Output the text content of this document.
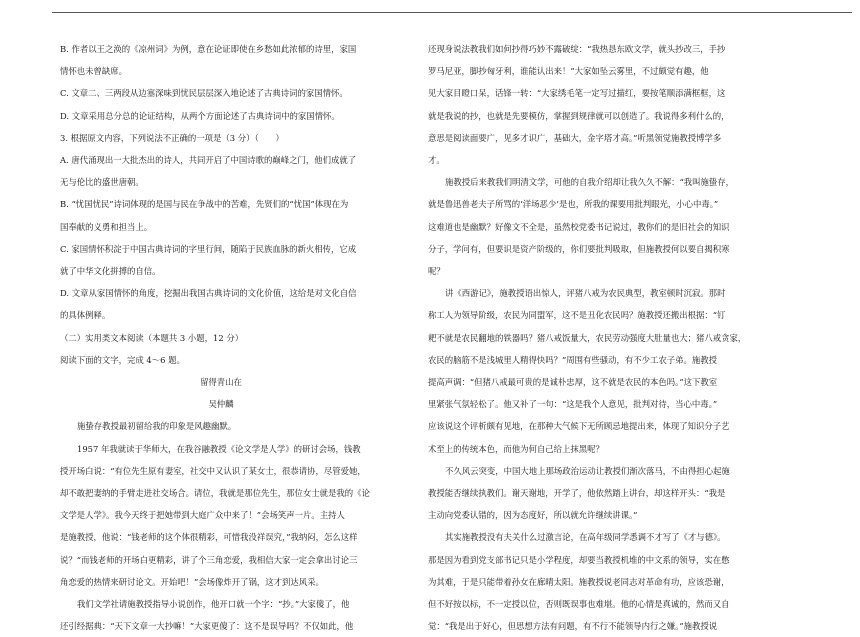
B. 作者以王之涣的《凉州词》为例，意在论证即使在乡愁如此浓郁的诗里，家国

情怀也未曾缺席。

C. 文章二、三两段从边塞深味到忧民层层深入地论述了古典诗词的家国情怀。

D. 文章采用总分总的论证结构，从两个方面论述了古典诗词中的家国情怀。

3. 根据原文内容，下列说法不正确的一项是（3 分）（　　）

A. 唐代涌现出一大批杰出的诗人，共同开启了中国诗歌的巅峰之门，他们成就了

无与伦比的盛世唐朝。

B. “忧国忧民”诗词体现的是国与民在争战中的苦难，先贤们的“忧国”体现在为

国奉献的义勇和担当上。

C. 家国情怀积淀于中国古典诗词的字里行间，随陷于民族血脉的新火相传，它成

就了中华文化拼搏的自信。

D. 文章从家国情怀的角度，挖掘出我国古典诗词的文化价值，这给是对文化自信

的具体例释。

（二）实用类文本阅读（本题共 3 小题，12 分）

阅读下面的文字，完成 4～6 题。

留得青山在

吴仲麟

施蛰存教授最初留给我的印象是风趣幽默。

1957 年我就读于华师大，在我谷融教授《论文学是人学》的研讨会场，钱教

授开场白说：“有位先生原有妻室，社交中又认识了某女士，很恭请协，尽管爱她，

却不敢把妻纳的手臂走进社交场合。请位，我就是那位先生，那位女士就是我的《论

文学是人学》。我今天终于把她带到大庭广众中来了！”会场笑声一片。主持人

是施教授，他说：“钱老师的这个体很精彩，可惜我没祥误究，”我纳闷，怎么这样

说？“而钱老师的开场白更精彩，讲了个三角恋爱，我相信大家一定会拿出讨论三

角恋爱的热情来研讨论文。开始吧！”会场像炸开了锅，这才到达风采。

我们文学社请施教授指导小说创作，他开口就一个字：“抄。”大家傻了，他

还引经据典：“天下文章一大抄嘛！”大家更傻了：这不是误导吗？不仅如此，他

还现身说法教我们如何抄得巧妙不露破绽：“我热恳东欧文学，就头抄改三，手抄

罗马尼亚，脚抄匈牙利，谁能认出来！”大家如坠云雾里，不过颇觉有趣，他

见大家目瞪口呆，话锋一转：“大家绣毛笔一定写过描红，要按笔顺添满框框，这

就是我说的抄，也就是先要模仿，掌握到规律就可以创造了。我说得多利什么的，

意思是阅读面要广，见多才识广，基础大，金字塔才高。”听黑领觉施教授博学多

才。

施教授后来教我们明清文学，可他的自我介绍却让我久久不解：“我叫施蛰存，

就是鲁迅兽老夫子所骂的‘洋场恶少’是也，所我的课要用批判眼光，小心中毒。”

这难道也是幽默？好像文不全是，虽然校党委书记说过，教你们的是旧社会的知识

分子，学问有，但要识是资产阶级的，你们要批判吸取，但施教授何以要自揭积寒

呢？

讲《西游记》，施教授语出惊人，评猪八戒为农民典型，教室顿时沉寂。那时

称工人为领导阶级，农民为同盟军，这不是丑化农民吗？施教授还搬出根据：“钉

耙不就是农民翻地的铁器吗？猪八戒饭量大，农民劳动强度大肚量也大；猪八戒贪家，

农民的脑筋不是浅城里人精得快吗？”周围有些骚动，有不少工农子弟。施教授

提高声调：“但猪八戒最可贵的是诚朴忠厚，这不就是农民的本色吗。”这下教室

里紧张气氛轻松了。他又补了一句：“这是我个人意见，批判对待，当心中毒。”

应该说这个评析颇有见地，在那种大气候下无所顾忌地提出来，体现了知识分子艺

术至上的传统本色，而他为何自己给上抹黑呢？

不久风云突变，中国大地上那场政治运动让教授们渐次落马，不由得担心起施

教授能否继续执教们。谢天谢地，开学了，他依然踏上讲台，却这样开头：“我是

主动向党委认错的，因为态度好，所以就允许继续讲课。”

其实施教授没有夫关什么过激言论，在高年级同学悉调不才写了《才与德》。

那是因为看到党支部书记只是小学程度，却要当教授机堆的中文系的领导，实在憋

为其难，于是只能带着孙女在廊晴太阳。施教授说老同志对革命有功，应该恐谢，

但不好按以标，不一定授以位，否则既误事也难堪。他的心情是真诚的，然而又自

觉：“我是出于好心，但思想方法有问题，有不行不能领导内行之嫌。”施教授说
